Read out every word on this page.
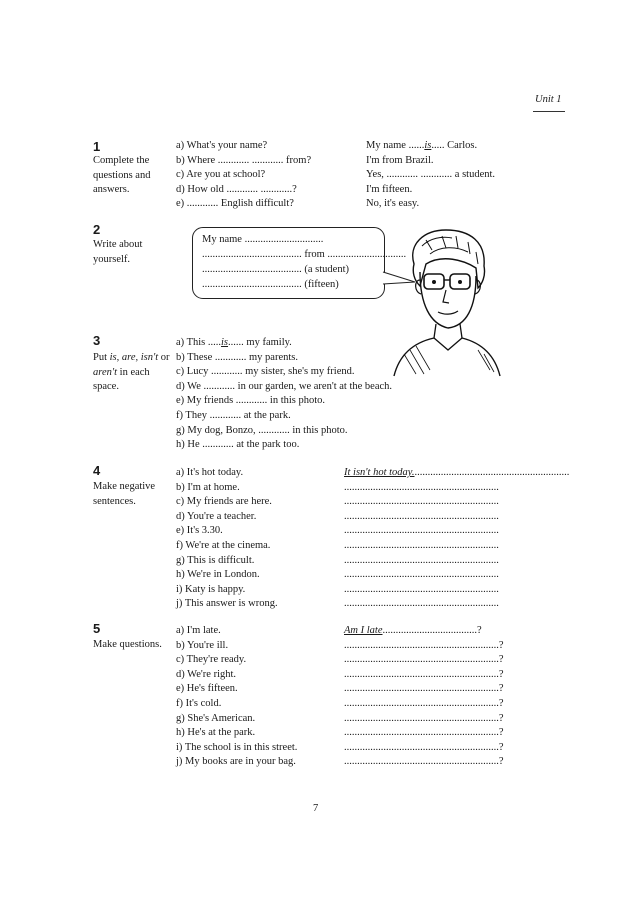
Unit 1
1
Complete the questions and answers.
a) What's your name?
b) Where ............ ............ from?
c) Are you at school?
d) How old ............ ............?
e) ............ English difficult?
My name ......is..... Carlos.
I'm from Brazil.
Yes, ............ ............ a student.
I'm fifteen.
No, it's easy.
2
Write about yourself.
My name ..............................
...................................... from ..............................
...................................... (a student)
...................................... (fifteen)
3
Put is, are, isn't or aren't in each space.
a) This .....is...... my family.
b) These ............ my parents.
c) Lucy ............ my sister, she's my friend.
d) We ............ in our garden, we aren't at the beach.
e) My friends ............ in this photo.
f) They ............ at the park.
g) My dog, Bonzo, ............ in this photo.
h) He ............ at the park too.
4
Make negative sentences.
a) It's hot today.
b) I'm at home.
c) My friends are here.
d) You're a teacher.
e) It's 3.30.
f) We're at the cinema.
g) This is difficult.
h) We're in London.
i) Katy is happy.
j) This answer is wrong.
It isn't hot today............................................................
...........................................................
...........................................................
...........................................................
...........................................................
...........................................................
...........................................................
...........................................................
...........................................................
...........................................................
5
Make questions.
a) I'm late.
b) You're ill.
c) They're ready.
d) We're right.
e) He's fifteen.
f) It's cold.
g) She's American.
h) He's at the park.
i) The school is in this street.
j) My books are in your bag.
Am I late....................................?
...........................................................?
...........................................................?
...........................................................?
...........................................................?
...........................................................?
...........................................................?
...........................................................?
...........................................................?
...........................................................?
7
